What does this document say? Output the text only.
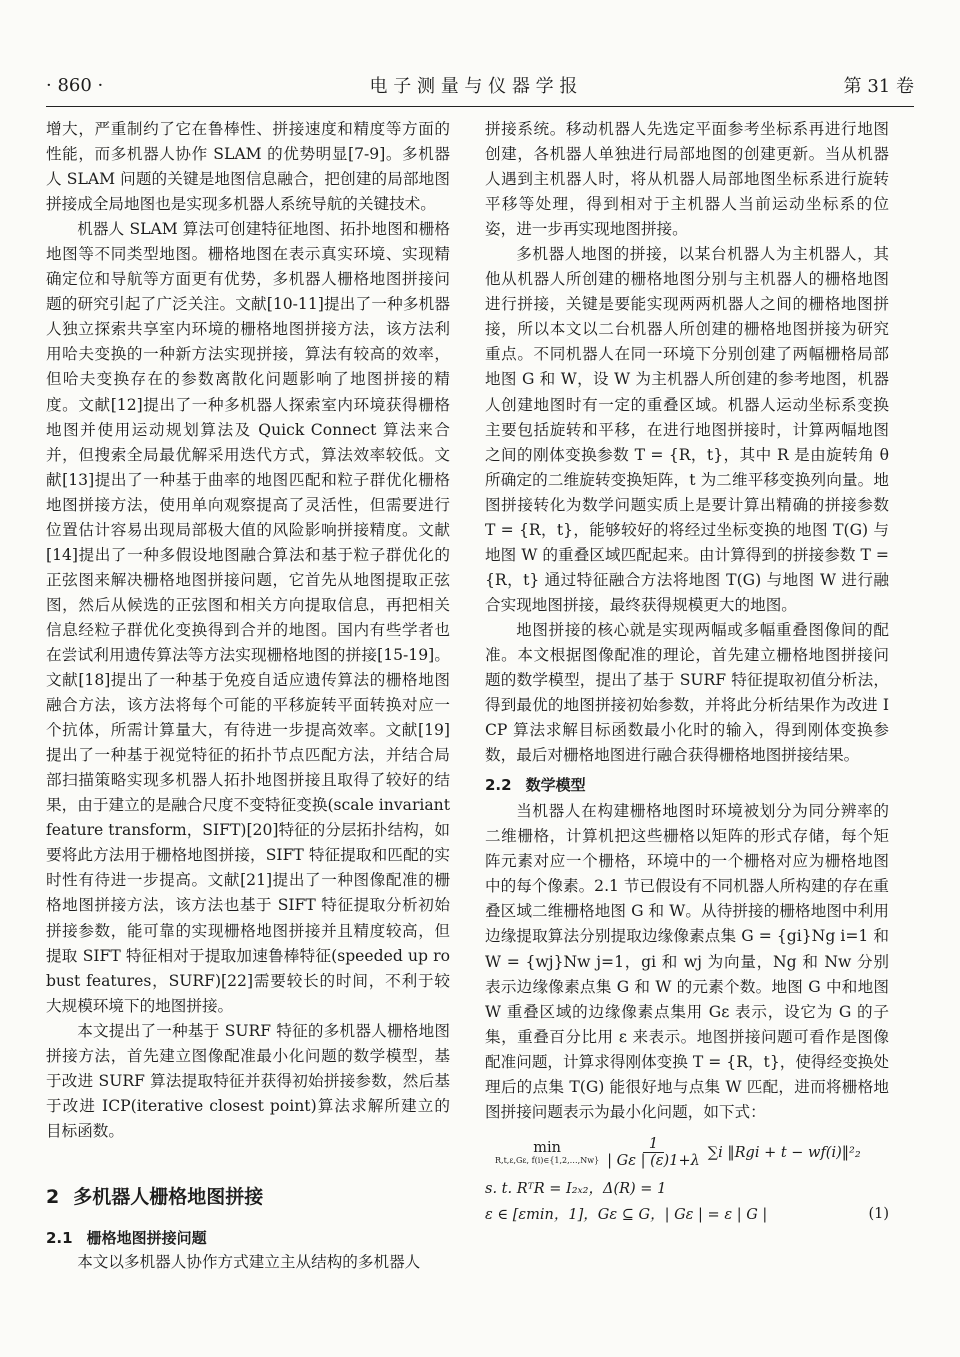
· 860 ·	电 子 测 量 与 仪 器 学 报	第 31 卷

增大，严重制约了它在鲁棒性、拼接速度和精度等方面的性能，而多机器人协作 SLAM 的优势明显[7-9]。多机器人 SLAM 问题的关键是地图信息融合，把创建的局部地图拼接成全局地图也是实现多机器人系统导航的关键技术。

机器人 SLAM 算法可创建特征地图、拓扑地图和栅格地图等不同类型地图。栅格地图在表示真实环境、实现精确定位和导航等方面更有优势，多机器人栅格地图拼接问题的研究引起了广泛关注。文献[10-11]提出了一种多机器人独立探索共享室内环境的栅格地图拼接方法，该方法利用哈夫变换的一种新方法实现拼接，算法有较高的效率，但哈夫变换存在的参数离散化问题影响了地图拼接的精度。文献[12]提出了一种多机器人探索室内环境获得栅格地图并使用运动规划算法及 Quick Connect 算法来合并，但搜索全局最优解采用迭代方式，算法效率较低。文献[13]提出了一种基于曲率的地图匹配和粒子群优化栅格地图拼接方法，使用单向观察提高了灵活性，但需要进行位置估计容易出现局部极大值的风险影响拼接精度。文献[14]提出了一种多假设地图融合算法和基于粒子群优化的正弦图来解决栅格地图拼接问题，它首先从地图提取正弦图，然后从候选的正弦图和相关方向提取信息，再把相关信息经粒子群优化变换得到合并的地图。国内有些学者也在尝试利用遗传算法等方法实现栅格地图的拼接[15-19]。文献[18]提出了一种基于免疫自适应遗传算法的栅格地图融合方法，该方法将每个可能的平移旋转平面转换对应一个抗体，所需计算量大，有待进一步提高效率。文献[19]提出了一种基于视觉特征的拓扑节点匹配方法，并结合局部扫描策略实现多机器人拓扑地图拼接且取得了较好的结果，由于建立的是融合尺度不变特征变换(scale invariant feature transform，SIFT)[20]特征的分层拓扑结构，如要将此方法用于栅格地图拼接，SIFT 特征提取和匹配的实时性有待进一步提高。文献[21]提出了一种图像配准的栅格地图拼接方法，该方法也基于 SIFT 特征提取分析初始拼接参数，能可靠的实现栅格地图拼接并且精度较高，但提取 SIFT 特征相对于提取加速鲁棒特征(speeded up robust features，SURF)[22]需要较长的时间，不利于较大规模环境下的地图拼接。

本文提出了一种基于 SURF 特征的多机器人栅格地图拼接方法，首先建立图像配准最小化问题的数学模型，基于改进 SURF 算法提取特征并获得初始拼接参数，然后基于改进 ICP(iterative closest point)算法求解所建立的目标函数。

2 多机器人栅格地图拼接
2.1 栅格地图拼接问题

本文以多机器人协作方式建立主从结构的多机器人

拼接系统。移动机器人先选定平面参考坐标系再进行地图创建，各机器人单独进行局部地图的创建更新。当从机器人遇到主机器人时，将从机器人局部地图坐标系进行旋转平移等处理，得到相对于主机器人当前运动坐标系的位姿，进一步再实现地图拼接。

多机器人地图的拼接，以某台机器人为主机器人，其他从机器人所创建的栅格地图分别与主机器人的栅格地图进行拼接，关键是要能实现两两机器人之间的栅格地图拼接，所以本文以二台机器人所创建的栅格地图拼接为研究重点。不同机器人在同一环境下分别创建了两幅栅格局部地图 G 和 W，设 W 为主机器人所创建的参考地图，机器人创建地图时有一定的重叠区域。机器人运动坐标系变换主要包括旋转和平移，在进行地图拼接时，计算两幅地图之间的刚体变换参数 T = {R，t}，其中 R 是由旋转角 θ 所确定的二维旋转变换矩阵，t 为二维平移变换列向量。地图拼接转化为数学问题实质上是要计算出精确的拼接参数 T = {R，t}，能够较好的将经过坐标变换的地图 T(G) 与地图 W 的重叠区域匹配起来。由计算得到的拼接参数 T = {R，t} 通过特征融合方法将地图 T(G) 与地图 W 进行融合实现地图拼接，最终获得规模更大的地图。

地图拼接的核心就是实现两幅或多幅重叠图像间的配准。本文根据图像配准的理论，首先建立栅格地图拼接问题的数学模型，提出了基于 SURF 特征提取初值分析法，得到最优的地图拼接初始参数，并将此分析结果作为改进 ICP 算法求解目标函数最小化时的输入，得到刚体变换参数，最后对栅格地图进行融合获得栅格地图拼接结果。

2.2 数学模型

当机器人在构建栅格地图时环境被划分为同分辨率的二维栅格，计算机把这些栅格以矩阵的形式存储，每个矩阵元素对应一个栅格，环境中的一个栅格对应为栅格地图中的每个像素。2.1 节已假设有不同机器人所构建的存在重叠区域二维栅格地图 G 和 W。从待拼接的栅格地图中利用边缘提取算法分别提取边缘像素点集 G = {gi}Ng i=1 和 W = {wj}Nw j=1，gi 和 wj 为向量，Ng 和 Nw 分别表示边缘像素点集 G 和 W 的元素个数。地图 G 中和地图 W 重叠区域的边缘像素点集用 Gε 表示，设它为 G 的子集，重叠百分比用 ε 来表示。地图拼接问题可看作是图像配准问题，计算求得刚体变换 T = {R，t}，使得经变换处理后的点集 T(G) 能很好地与点集 W 匹配，进而将栅格地图拼接问题表示为最小化问题，如下式：

min
R,t,ε,Gε, f(i)∈{1,2,…,Nw} $\frac{1}{| G\varepsilon | (\varepsilon)1+\lambda} \sum i$ ‖Rgi + t − wf(i)‖²₂
s. t. RᵀR = I₂ₓ₂，Δ(R) = 1
ε ∈ [εmin，1]，Gε ⊆ G，| Gε | = ε | G |	(1)
